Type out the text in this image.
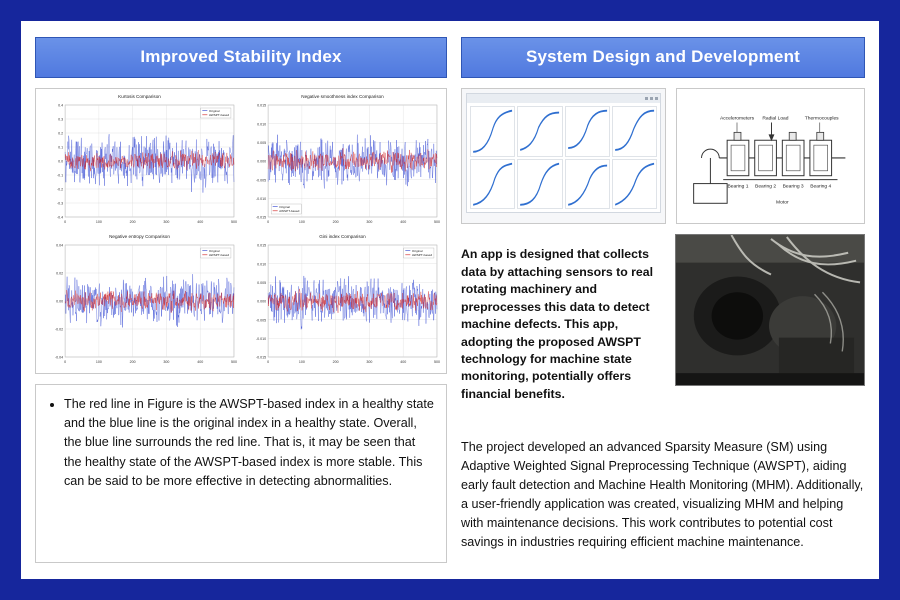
Improved Stability Index
Kurtosis Comparison
-0.4
-0.3
-0.2
-0.1
0.0
0.1
0.2
0.3
0.4
0	100	200	300	400	500
Original
AWSPT-based
Negative smoothness index Comparison
-0.015
-0.010
-0.005
0.000
0.005
0.010
0.015
0	100	200	300	400	500
Original
AWSPT-based
Negative entropy Comparison
-0.04
-0.02
0.00
0.02
0.04
0	100	200	300	400	500
Original
AWSPT-based
Gini index Comparison
-0.015
-0.010
-0.005
0.000
0.005
0.010
0.015
0	100	200	300	400	500
Original
AWSPT-based
• The red line in Figure is the AWSPT-based index in a healthy state and the blue line is the original index in a healthy state. Overall, the blue line surrounds the red line. That is, it may be seen that the healthy state of the AWSPT-based index is more stable. This can be said to be more effective in detecting abnormalities.
System Design and Development
Accelerometers Radial Load	Thermocouples
Bearing 1 Bearing 2 Bearing 3 Bearing 4
Motor

An app is designed that collects data by attaching sensors to real rotating machinery and preprocesses this data to detect machine defects. This app, adopting the proposed AWSPT technology for machine state monitoring, potentially offers financial benefits.

The project developed an advanced Sparsity Measure (SM) using Adaptive Weighted Signal Preprocessing Technique (AWSPT), aiding early fault detection and Machine Health Monitoring (MHM). Additionally, a user-friendly application was created, visualizing MHM and helping with maintenance decisions. This work contributes to potential cost savings in industries requiring efficient machine maintenance.
